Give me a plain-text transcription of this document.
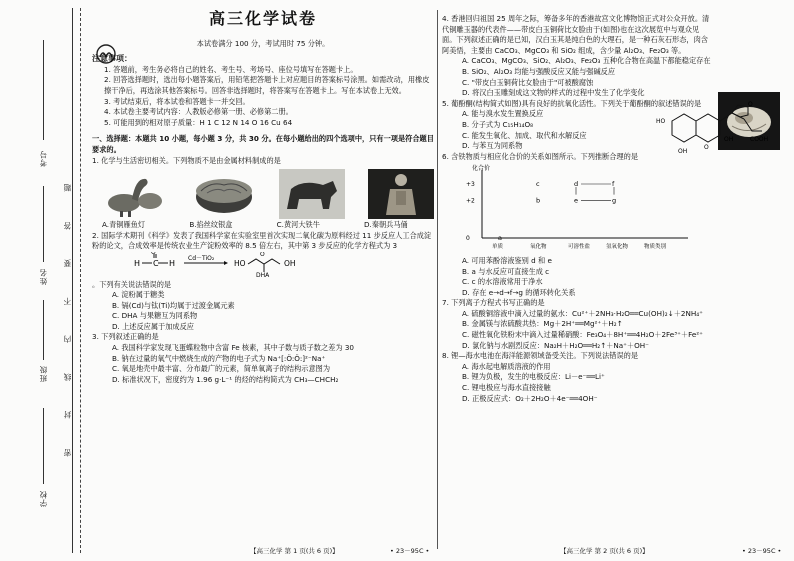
考号
姓名
班级
学校
密 封 线 内 不 要 答 题

高三化学试卷

本试卷满分 100 分，考试用时 75 分钟。

注意事项：

1. 答题前，考生务必将自己的姓名、考生号、考场号、座位号填写在答题卡上。

2. 回答选择题时，选出每小题答案后，用铅笔把答题卡上对应题目的答案标号涂黑。如需改动，用橡皮擦干净后，再选涂其他答案标号。回答非选择题时，将答案写在答题卡上。写在本试卷上无效。

3. 考试结束后，将本试卷和答题卡一并交回。

4. 本试卷主要考试内容：人教版必修第一册、必修第二册。

5. 可能用到的相对原子质量：H 1 C 12 N 14 O 16 Cu 64

一、选择题：本题共 10 小题，每小题 3 分，共 30 分。在每小题给出的四个选项中，只有一项是符合题目要求的。

1. 化学与生活密切相关。下列物质不是由金属材料制成的是

A.青铜雁鱼灯	B.掐丝纹银盒	C.黄河大铁牛	D.秦朝兵马俑

2. 国际学术期刊《科学》发表了我国科学家在实验室里首次实现二氧化碳为原料经过 11 步反应人工合成淀粉的论文，合成效率是传统农业生产淀粉效率的 8.5 倍左右，其中第 3 步反应的化学方程式为 3

H C H
O
Cd－TiO₂
HO	OH
O
DHA

。下列有关说法错误的是

A. 淀粉属于糖类

B. 镉(Cd)与钛(Ti)均属于过渡金属元素

C. DHA 与果糖互为同系物

D. 上述反应属于加成反应

3. 下列叙述正确的是

A. 我国科学家发现飞蛋蝶粒物中含富 Fe 核素，其中子数与质子数之差为 30

B. 钠在过量的氧气中燃烧生成的产物的电子式为 Na⁺[:Ö:Ö:]²⁻Na⁺

C. 氧是地壳中最丰富、分布最广的元素，简单氧离子的结构示意图为

D. 标准状况下，密度约为 1.96 g·L⁻¹ 的烃的结构简式为 CH₃—CHCH₂

4. 香港回归祖国 25 周年之际，筹备多年的香港故宫文化博物馆正式对公众开放。清代铜雕玉器的代表件——带皮白玉铜荷比女脸由于(如图)也在这次展览中与观众见面。下列叙述正确的是已知，汉白玉其是纯白色的大理石，是一种石灰石形态，肉含阿美悟，主要由 CaCO₃、MgCO₃ 和 SiO₂ 组成，含少量 Al₂O₃、Fe₂O₃ 等。

A. CaCO₃、MgCO₃、SiO₂、Al₂O₃、Fe₂O₃ 五种化合物在高温下都能稳定存在

B. SiO₂、Al₂O₃ 均能与强酸反应又能与强碱反应

C. "带皮白玉铜荷比女脸由于"可被酸腐蚀

D. 将汉白玉雕刻成这文物的样式的过程中发生了化学变化

5. 葡酚酮(结构简式如图)具有良好的抗氧化活性。下列关于葡酚酮的叙述错误的是

A. 能与溴水发生置换反应

B. 分子式为 C₁₅H₁₄O₈

C. 能发生氧化、加成、取代和水解反应

D. 与苯互为同系物

HO
OH
O
O
COOH
OH

6. 含铁物质与相应化合价的关系如图所示。下列推断合理的是

化合价
+3
+2
0
单质	氧化物	可溶性盐	氢氧化物	物质类别
a
b
c	d
e
f
g

A. 可用苯酚溶液鉴别 d 和 e

B. a 与水反应可直接生成 c

C. c 的水溶液常用于净水

D. 存在 e→d→f→g 的循环转化关系

7. 下列离子方程式书写正确的是

A. 硫酸铜溶液中滴入过量的氨水：Cu²⁺＋2NH₃·H₂O══Cu(OH)₂↓＋2NH₄⁺

B. 金属镁与浓硫酸共热：Mg＋2H⁺══Mg²⁺＋H₂↑

C. 磁性氧化铁粉末中滴入过量稀硝酸：Fe₃O₄＋8H⁺══4H₂O＋2Fe³⁺＋Fe²⁺

D. 氯化钠与水剧烈反应：Na₂H＋H₂O══H₂↑＋Na⁺＋OH⁻

8. 锂—海水电池在海洋能源领域备受关注。下列说法错误的是

A. 海水起电解质溶液的作用

B. 锂为负极，发生的电极反应：Li－e⁻══Li⁺

C. 锂电极应与海水直接接触

D. 正极反应式：O₂＋2H₂O＋4e⁻══4OH⁻

【高三化学 第 1 页(共 6 页)】	• 23－95C •	【高三化学 第 2 页(共 6 页)】	• 23－95C •
